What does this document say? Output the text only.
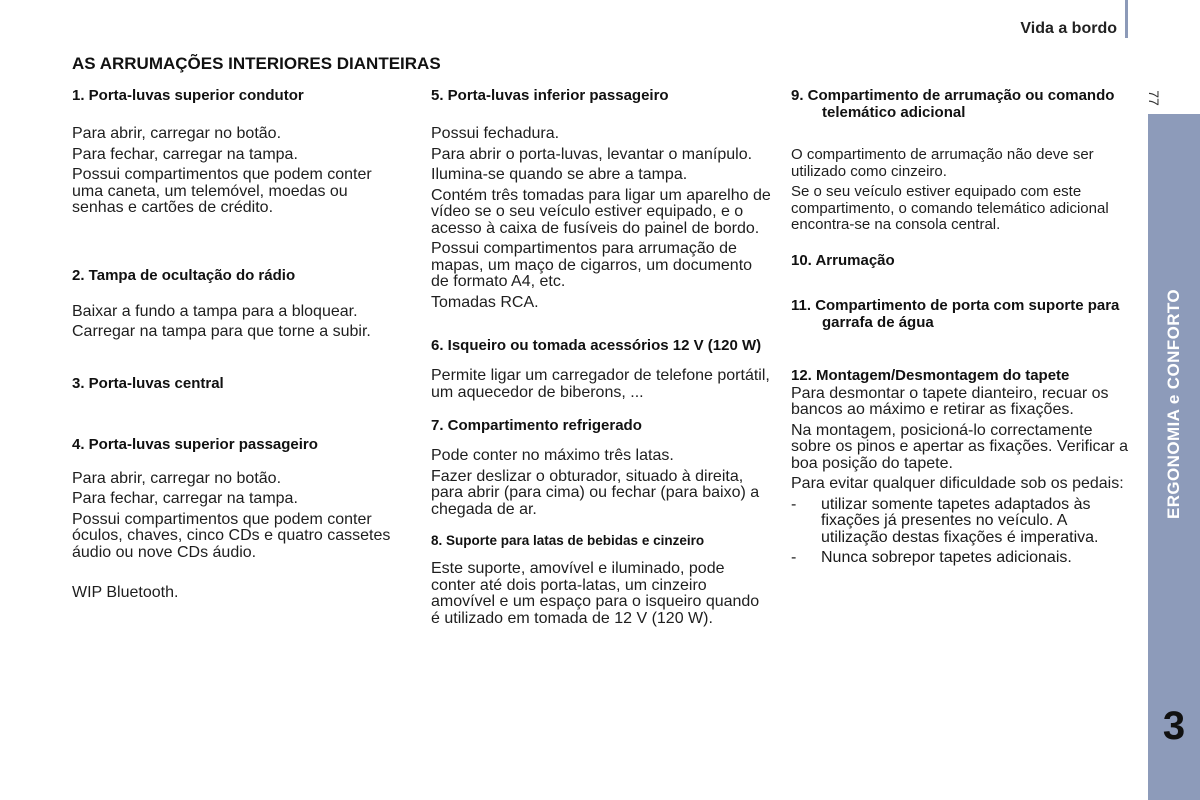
Vida a bordo
77
ERGONOMIA e CONFORTO
3
AS ARRUMAÇÕES INTERIORES DIANTEIRAS

1. Porta-luvas superior condutor

Para abrir, carregar no botão.

Para fechar, carregar na tampa.

Possui compartimentos que podem conter uma caneta, um telemóvel, moedas ou senhas e cartões de crédito.

2. Tampa de ocultação do rádio

Baixar a fundo a tampa para a bloquear.

Carregar na tampa para que torne a subir.

3. Porta-luvas central

4. Porta-luvas superior passageiro

Para abrir, carregar no botão.

Para fechar, carregar na tampa.

Possui compartimentos que podem conter óculos, chaves, cinco CDs e quatro cassetes áudio ou nove CDs áudio.

WIP Bluetooth.

5. Porta-luvas inferior passageiro

Possui fechadura.

Para abrir o porta-luvas, levantar o manípulo.

Ilumina-se quando se abre a tampa.

Contém três tomadas para ligar um aparelho de vídeo se o seu veículo estiver equipado, e o acesso à caixa de fusíveis do painel de bordo.

Possui compartimentos para arrumação de mapas, um maço de cigarros, um documento de formato A4, etc.

Tomadas RCA.

6. Isqueiro ou tomada acessórios 12 V (120 W)

Permite ligar um carregador de telefone portátil, um aquecedor de biberons, ...

7. Compartimento refrigerado

Pode conter no máximo três latas.

Fazer deslizar o obturador, situado à direita, para abrir (para cima) ou fechar (para baixo) a chegada de ar.

8. Suporte para latas de bebidas e cinzeiro

Este suporte, amovível e iluminado, pode conter até dois porta-latas, um cinzeiro amovível e um espaço para o isqueiro quando é utilizado em tomada de 12 V (120 W).

9. Compartimento de arrumação ou comando telemático adicional

O compartimento de arrumação não deve ser utilizado como cinzeiro.

Se o seu veículo estiver equipado com este compartimento, o comando telemático adicional encontra-se na consola central.

10. Arrumação

11. Compartimento de porta com suporte para garrafa de água

12. Montagem/Desmontagem do tapete

Para desmontar o tapete dianteiro, recuar os bancos ao máximo e retirar as fixações.

Na montagem, posicioná-lo correctamente sobre os pinos e apertar as fixações. Verificar a boa posição do tapete.

Para evitar qualquer dificuldade sob os pedais:

-	utilizar somente tapetes adaptados às fixações já presentes no veículo. A utilização destas fixações é imperativa.
-	Nunca sobrepor tapetes adicionais.
